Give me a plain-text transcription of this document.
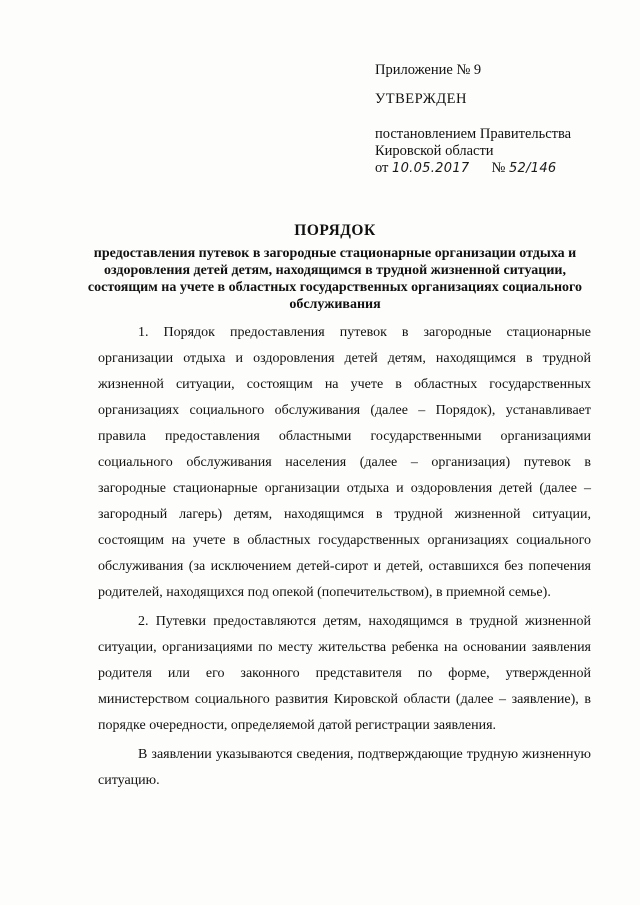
Приложение № 9
УТВЕРЖДЕН
постановлением Правительства
Кировской области
от 10.05.2017 № 52/146
ПОРЯДОК
предоставления путевок в загородные стационарные организации отдыха и оздоровления детей детям, находящимся в трудной жизненной ситуации, состоящим на учете в областных государственных организациях социального обслуживания

1. Порядок предоставления путевок в загородные стационарные организации отдыха и оздоровления детей детям, находящимся в трудной жизненной ситуации, состоящим на учете в областных государственных организациях социального обслуживания (далее – Порядок), устанавливает правила предоставления областными государственными организациями социального обслуживания населения (далее – организация) путевок в загородные стационарные организации отдыха и оздоровления детей (далее – загородный лагерь) детям, находящимся в трудной жизненной ситуации, состоящим на учете в областных государственных организациях социального обслуживания (за исключением детей-сирот и детей, оставшихся без попечения родителей, находящихся под опекой (попечительством), в приемной семье).

2. Путевки предоставляются детям, находящимся в трудной жизненной ситуации, организациями по месту жительства ребенка на основании заявления родителя или его законного представителя по форме, утвержденной министерством социального развития Кировской области (далее – заявление), в порядке очередности, определяемой датой регистрации заявления.

В заявлении указываются сведения, подтверждающие трудную жизненную ситуацию.
